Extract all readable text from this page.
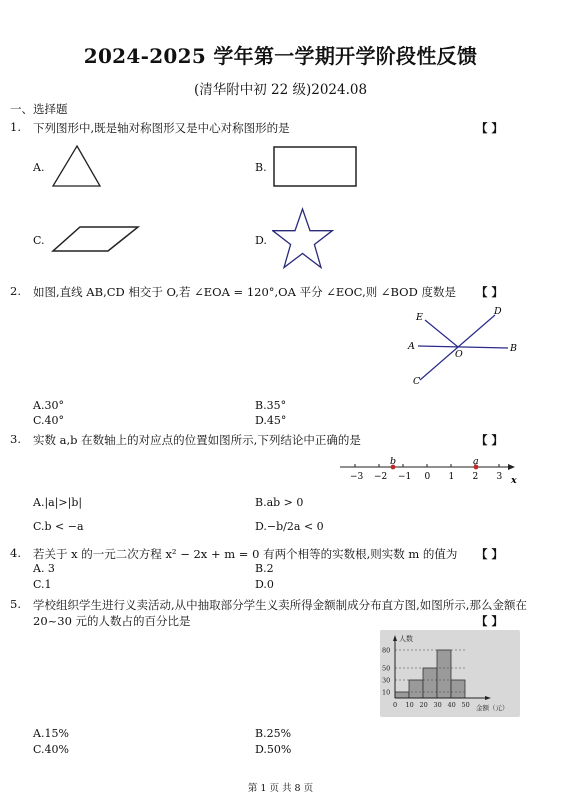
2024-2025 学年第一学期开学阶段性反馈
(清华附中初 22 级)2024.08
一、选择题
1. 下列图形中,既是轴对称图形又是中心对称图形的是	【 】
A.	B.
C.	D.
2. 如图,直线 AB,CD 相交于 O,若 ∠EOA = 120°,OA 平分 ∠EOC,则 ∠BOD 度数是 【 】
E
D
A
O
B
C
A.30°	B.35°
C.40°	D.45°
3. 实数 a,b 在数轴上的对应点的位置如图所示,下列结论中正确的是	【 】
−3 −2 −1 0 1 2 3
b	a
x
A.|a|>|b|	B.ab > 0
C.b < −a	D.−b/2a < 0
4. 若关于 x 的一元二次方程 x² − 2x + m = 0 有两个相等的实数根,则实数 m 的值为 【 】
A. 3	B.2
C.1	D.0
5. 学校组织学生进行义卖活动,从中抽取部分学生义卖所得金额制成分布直方图,如图所示,那么金额在
20~30 元的人数占的百分比是	【 】
10
30
50
80
人数
金额（元）
0 10 20 30 40 50
A.15%	B.25%
C.40%	D.50%
第 1 页 共 8 页
